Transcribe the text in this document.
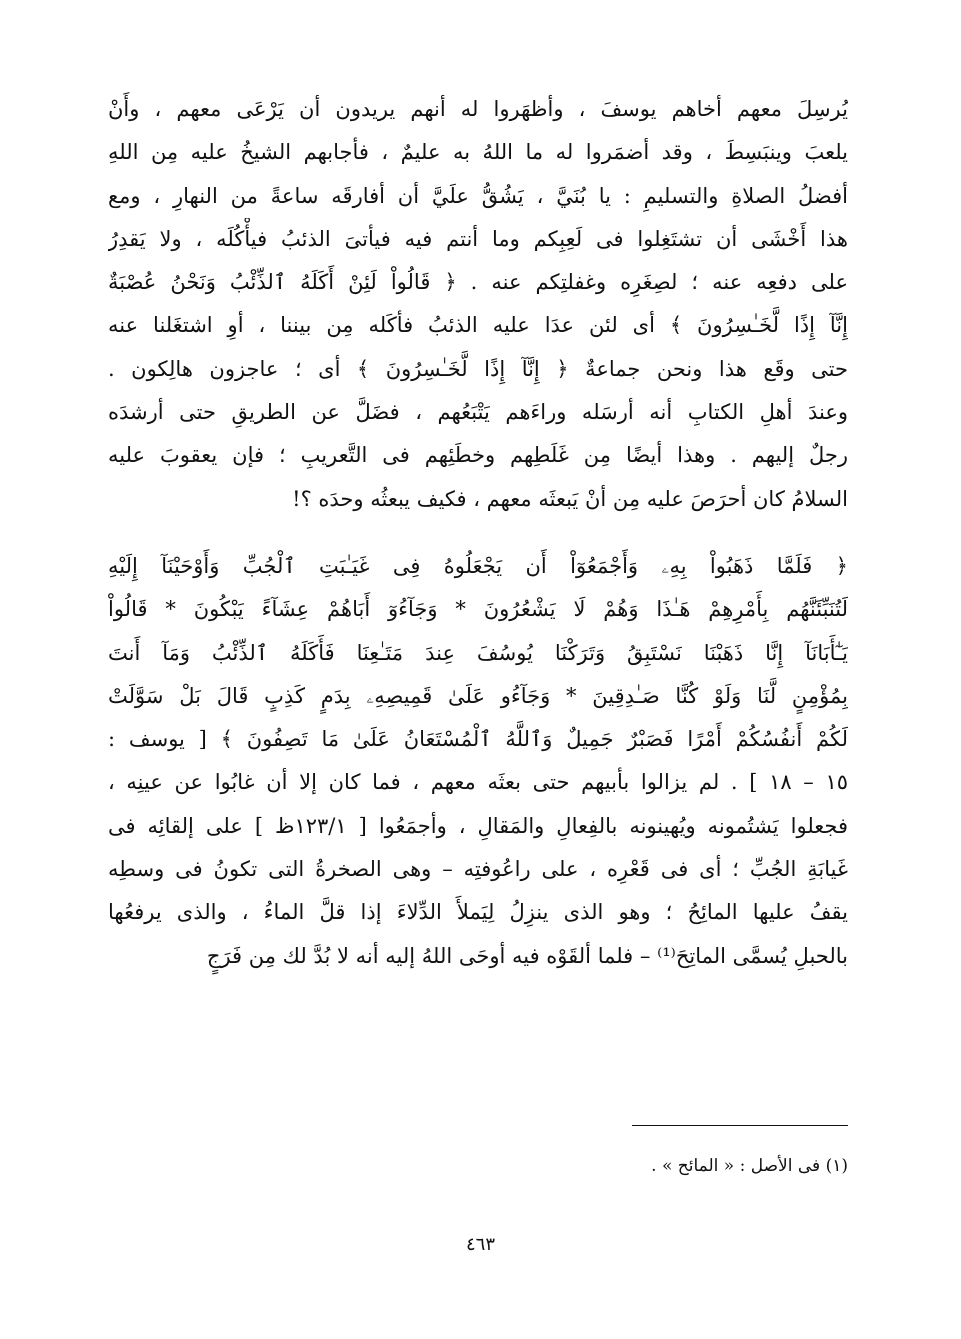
يُرسِلَ معهم أخاهم يوسفَ ، وأظهَروا له أنهم يريدون أن يَرْعَى معهم ، وأَنْ
يلعبَ وينبَسِطَ ، وقد أضمَروا له ما اللهُ به عليمٌ ، فأجابهم الشيخُ عليه مِن اللهِ
أفضلُ الصلاةِ والتسليمِ : يا بُنَيَّ ، يَشُقُّ علَيَّ أن أفارقَه ساعةً من النهارِ ، ومع
هذا أَخْشَى أن تشتَغِلوا فى لَعِبِكم وما أنتم فيه فيأتىَ الذئبُ فيأْكُلَه ، ولا يَقدِرُ
على دفعِه عنه ؛ لصِغَرِه وغفلتِكم عنه . ﴿ قَالُواْ لَئِنْ أَكَلَهُ ٱلذِّئْبُ وَنَحْنُ عُصْبَةٌ
إِنَّآ إِذًا لَّخَـٰسِرُونَ ﴾ أى لئن عدَا عليه الذئبُ فأكَله مِن بيننا ، أوِ اشتغَلنا عنه
حتى وقَع هذا ونحن جماعةٌ ﴿ إِنَّآ إِذًا لَّخَـٰسِرُونَ ﴾ أى ؛ عاجزون هالِكون .
وعندَ أهلِ الكتابِ أنه أرسَله وراءَهم يَتْبَعُهم ، فضَلَّ عن الطريقِ حتى أرشدَه
رجلٌ إليهم . وهذا أيضًا مِن غَلَطِهم وخطَئِهم فى التَّعريبِ ؛ فإن يعقوبَ عليه
السلامُ كان أحرَصَ عليه مِن أنْ يَبعثَه معهم ، فكيف يبعثُه وحدَه ؟!
﴿ فَلَمَّا ذَهَبُواْ بِهِۦ وَأَجْمَعُوٓاْ أَن يَجْعَلُوهُ فِى غَيَـٰبَتِ ٱلْجُبِّ وَأَوْحَيْنَآ إِلَيْهِ
لَتُنَبِّئَنَّهُم بِأَمْرِهِمْ هَـٰذَا وَهُمْ لَا يَشْعُرُونَ * وَجَآءُوٓ أَبَاهُمْ عِشَآءً يَبْكُونَ * قَالُواْ
يَـٰٓأَبَانَآ إِنَّا ذَهَبْنَا نَسْتَبِقُ وَتَرَكْنَا يُوسُفَ عِندَ مَتَـٰعِنَا فَأَكَلَهُ ٱلذِّئْبُ وَمَآ أَنتَ
بِمُؤْمِنٍ لَّنَا وَلَوْ كُنَّا صَـٰدِقِينَ * وَجَآءُو عَلَىٰ قَمِيصِهِۦ بِدَمٍ كَذِبٍ قَالَ بَلْ سَوَّلَتْ
لَكُمْ أَنفُسُكُمْ أَمْرًا فَصَبْرٌ جَمِيلٌ وَٱللَّهُ ٱلْمُسْتَعَانُ عَلَىٰ مَا تَصِفُونَ ﴾ [ يوسف :
١٥ – ١٨ ] . لم يزالوا بأبيهم حتى بعثَه معهم ، فما كان إلا أن غابُوا عن عينِه ،
فجعلوا يَشتُمونه ويُهينونه بالفِعالِ والمَقالِ ، وأجمَعُوا [ ١٢٣/١ظ ] على إلقائِه فى
غَيابَةِ الجُبِّ ؛ أى فى قَعْرِه ، على راعُوفتِه – وهى الصخرةُ التى تكونُ فى وسطِه
يقفُ عليها المائِحُ ؛ وهو الذى ينزِلُ لِيَملأَ الدِّلاءَ إذا قلَّ الماءُ ، والذى يرفعُها
بالحبلِ يُسمَّى الماتِحَ⁽¹⁾ – فلما ألقَوْه فيه أوحَى اللهُ إليه أنه لا بُدَّ لك مِن فَرَجٍ
(١) فى الأصل : « المائح » .
٤٦٣
